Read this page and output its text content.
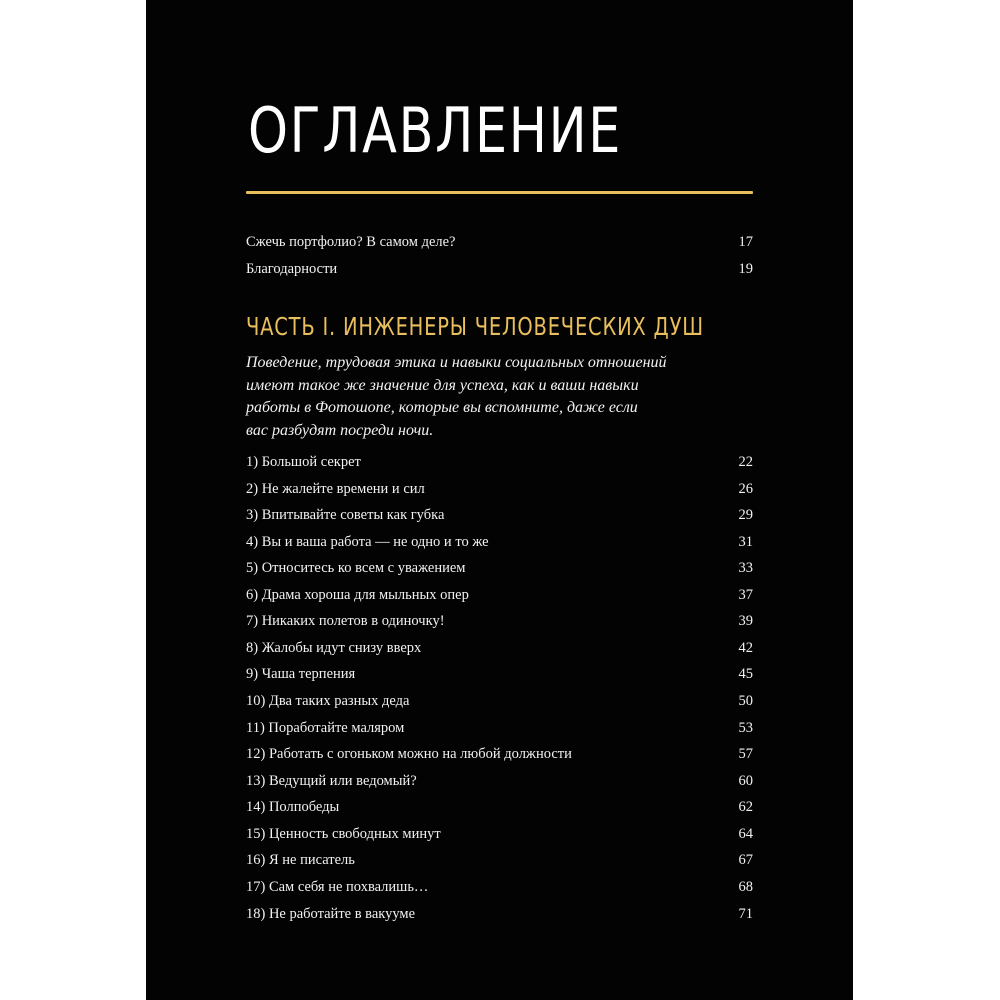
ОГЛАВЛЕНИЕ
Сжечь портфолио? В самом деле?	17
Благодарности	19
ЧАСТЬ I. ИНЖЕНЕРЫ ЧЕЛОВЕЧЕСКИХ ДУШ

Поведение, трудовая этика и навыки социальных отношений
имеют такое же значение для успеха, как и ваши навыки
работы в Фотошопе, которые вы вспомните, даже если
вас разбудят посреди ночи.

1) Большой секрет	22
2) Не жалейте времени и сил	26
3) Впитывайте советы как губка	29
4) Вы и ваша работа — не одно и то же	31
5) Относитесь ко всем с уважением	33
6) Драма хороша для мыльных опер	37
7) Никаких полетов в одиночку!	39
8) Жалобы идут снизу вверх	42
9) Чаша терпения	45
10) Два таких разных деда	50
11) Поработайте маляром	53
12) Работать с огоньком можно на любой должности	57
13) Ведущий или ведомый?	60
14) Полпобеды	62
15) Ценность свободных минут	64
16) Я не писатель	67
17) Сам себя не похвалишь…	68
18) Не работайте в вакууме	71
